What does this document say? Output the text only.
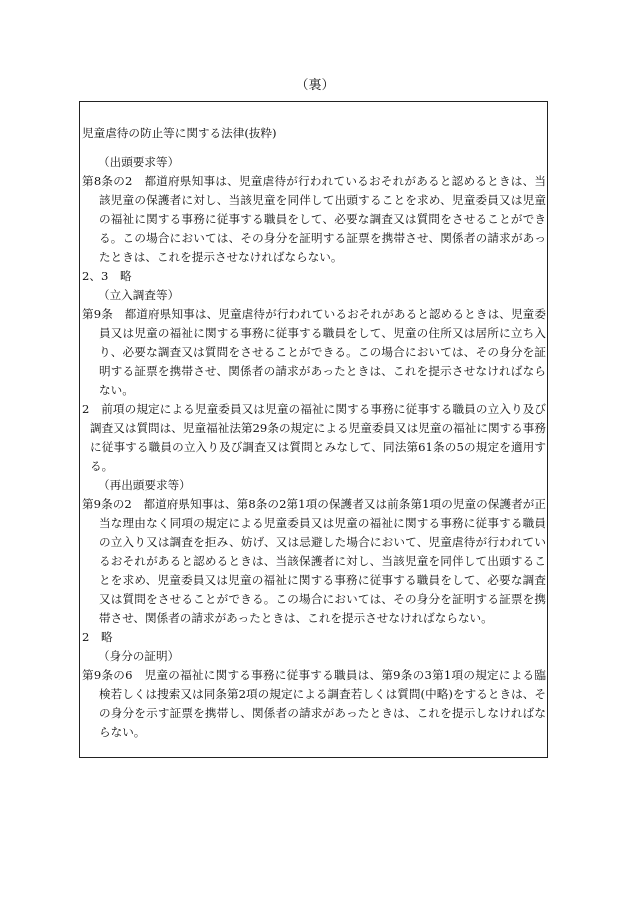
（裏）

児童虐待の防止等に関する法律(抜粋)

（出頭要求等）

第8条の2　都道府県知事は、児童虐待が行われているおそれがあると認めるときは、当該児童の保護者に対し、当該児童を同伴して出頭することを求め、児童委員又は児童の福祉に関する事務に従事する職員をして、必要な調査又は質問をさせることができる。この場合においては、その身分を証明する証票を携帯させ、関係者の請求があったときは、これを提示させなければならない。

2、3　略

（立入調査等）

第9条　都道府県知事は、児童虐待が行われているおそれがあると認めるときは、児童委員又は児童の福祉に関する事務に従事する職員をして、児童の住所又は居所に立ち入り、必要な調査又は質問をさせることができる。この場合においては、その身分を証明する証票を携帯させ、関係者の請求があったときは、これを提示させなければならない。

2　前項の規定による児童委員又は児童の福祉に関する事務に従事する職員の立入り及び調査又は質問は、児童福祉法第29条の規定による児童委員又は児童の福祉に関する事務に従事する職員の立入り及び調査又は質問とみなして、同法第61条の5の規定を適用する。

（再出頭要求等）

第9条の2　都道府県知事は、第8条の2第1項の保護者又は前条第1項の児童の保護者が正当な理由なく同項の規定による児童委員又は児童の福祉に関する事務に従事する職員の立入り又は調査を拒み、妨げ、又は忌避した場合において、児童虐待が行われているおそれがあると認めるときは、当該保護者に対し、当該児童を同伴して出頭することを求め、児童委員又は児童の福祉に関する事務に従事する職員をして、必要な調査又は質問をさせることができる。この場合においては、その身分を証明する証票を携帯させ、関係者の請求があったときは、これを提示させなければならない。

2　略

（身分の証明）

第9条の6　児童の福祉に関する事務に従事する職員は、第9条の3第1項の規定による臨検若しくは捜索又は同条第2項の規定による調査若しくは質問(中略)をするときは、その身分を示す証票を携帯し、関係者の請求があったときは、これを提示しなければならない。
